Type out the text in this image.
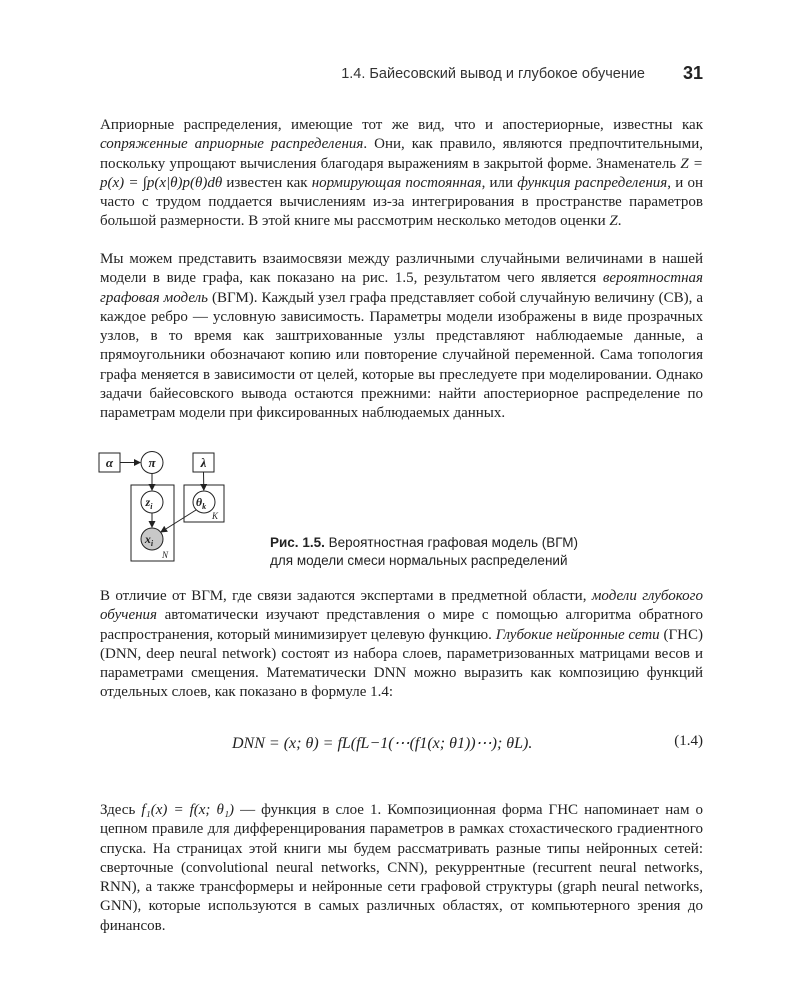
1.4. Байесовский вывод и глубокое обучение 31

Априорные распределения, имеющие тот же вид, что и апостериорные, известны как сопряженные априорные распределения. Они, как правило, являются предпочтительными, поскольку упрощают вычисления благодаря выражениям в закрытой форме. Знаменатель Z = p(x) = ∫p(x|θ)p(θ)dθ известен как нормирующая постоянная, или функция распределения, и он часто с трудом поддается вычислениям из-за интегрирования в пространстве параметров большой размерности. В этой книге мы рассмотрим несколько методов оценки Z.

Мы можем представить взаимосвязи между различными случайными величинами в нашей модели в виде графа, как показано на рис. 1.5, результатом чего является вероятностная графовая модель (ВГМ). Каждый узел графа представляет собой случайную величину (СВ), а каждое ребро — условную зависимость. Параметры модели изображены в виде прозрачных узлов, в то время как заштрихованные узлы представляют наблюдаемые данные, а прямоугольники обозначают копию или повторение случайной переменной. Сама топология графа меняется в зависимости от целей, которые вы преследуете при моделировании. Однако задачи байесовского вывода остаются прежними: найти апостериорное распределение по параметрам модели при фиксированных наблюдаемых данных.

N
K
α	λ
π
$z_i$	$\theta_k$
$x_i$	Рис. 1.5. Вероятностная графовая модель (ВГМ)
для модели смеси нормальных распределений

В отличие от ВГМ, где связи задаются экспертами в предметной области, модели глубокого обучения автоматически изучают представления о мире с помощью алгоритма обратного распространения, который минимизирует целевую функцию. Глубокие нейронные сети (ГНС) (DNN, deep neural network) состоят из набора слоев, параметризованных матрицами весов и параметрами смещения. Математически DNN можно выразить как композицию функций отдельных слоев, как показано в формуле 1.4:

DNN = (x; θ) = fL(fL−1(⋯(f1(x; θ1))⋯); θL).	(1.4)

Здесь f₁(x) = f(x; θ₁) — функция в слое 1. Композиционная форма ГНС напоминает нам о цепном правиле для дифференцирования параметров в рамках стохастического градиентного спуска. На страницах этой книги мы будем рассматривать разные типы нейронных сетей: сверточные (convolutional neural networks, CNN), рекуррентные (recurrent neural networks, RNN), а также трансформеры и нейронные сети графовой структуры (graph neural networks, GNN), которые используются в самых различных областях, от компьютерного зрения до финансов.
